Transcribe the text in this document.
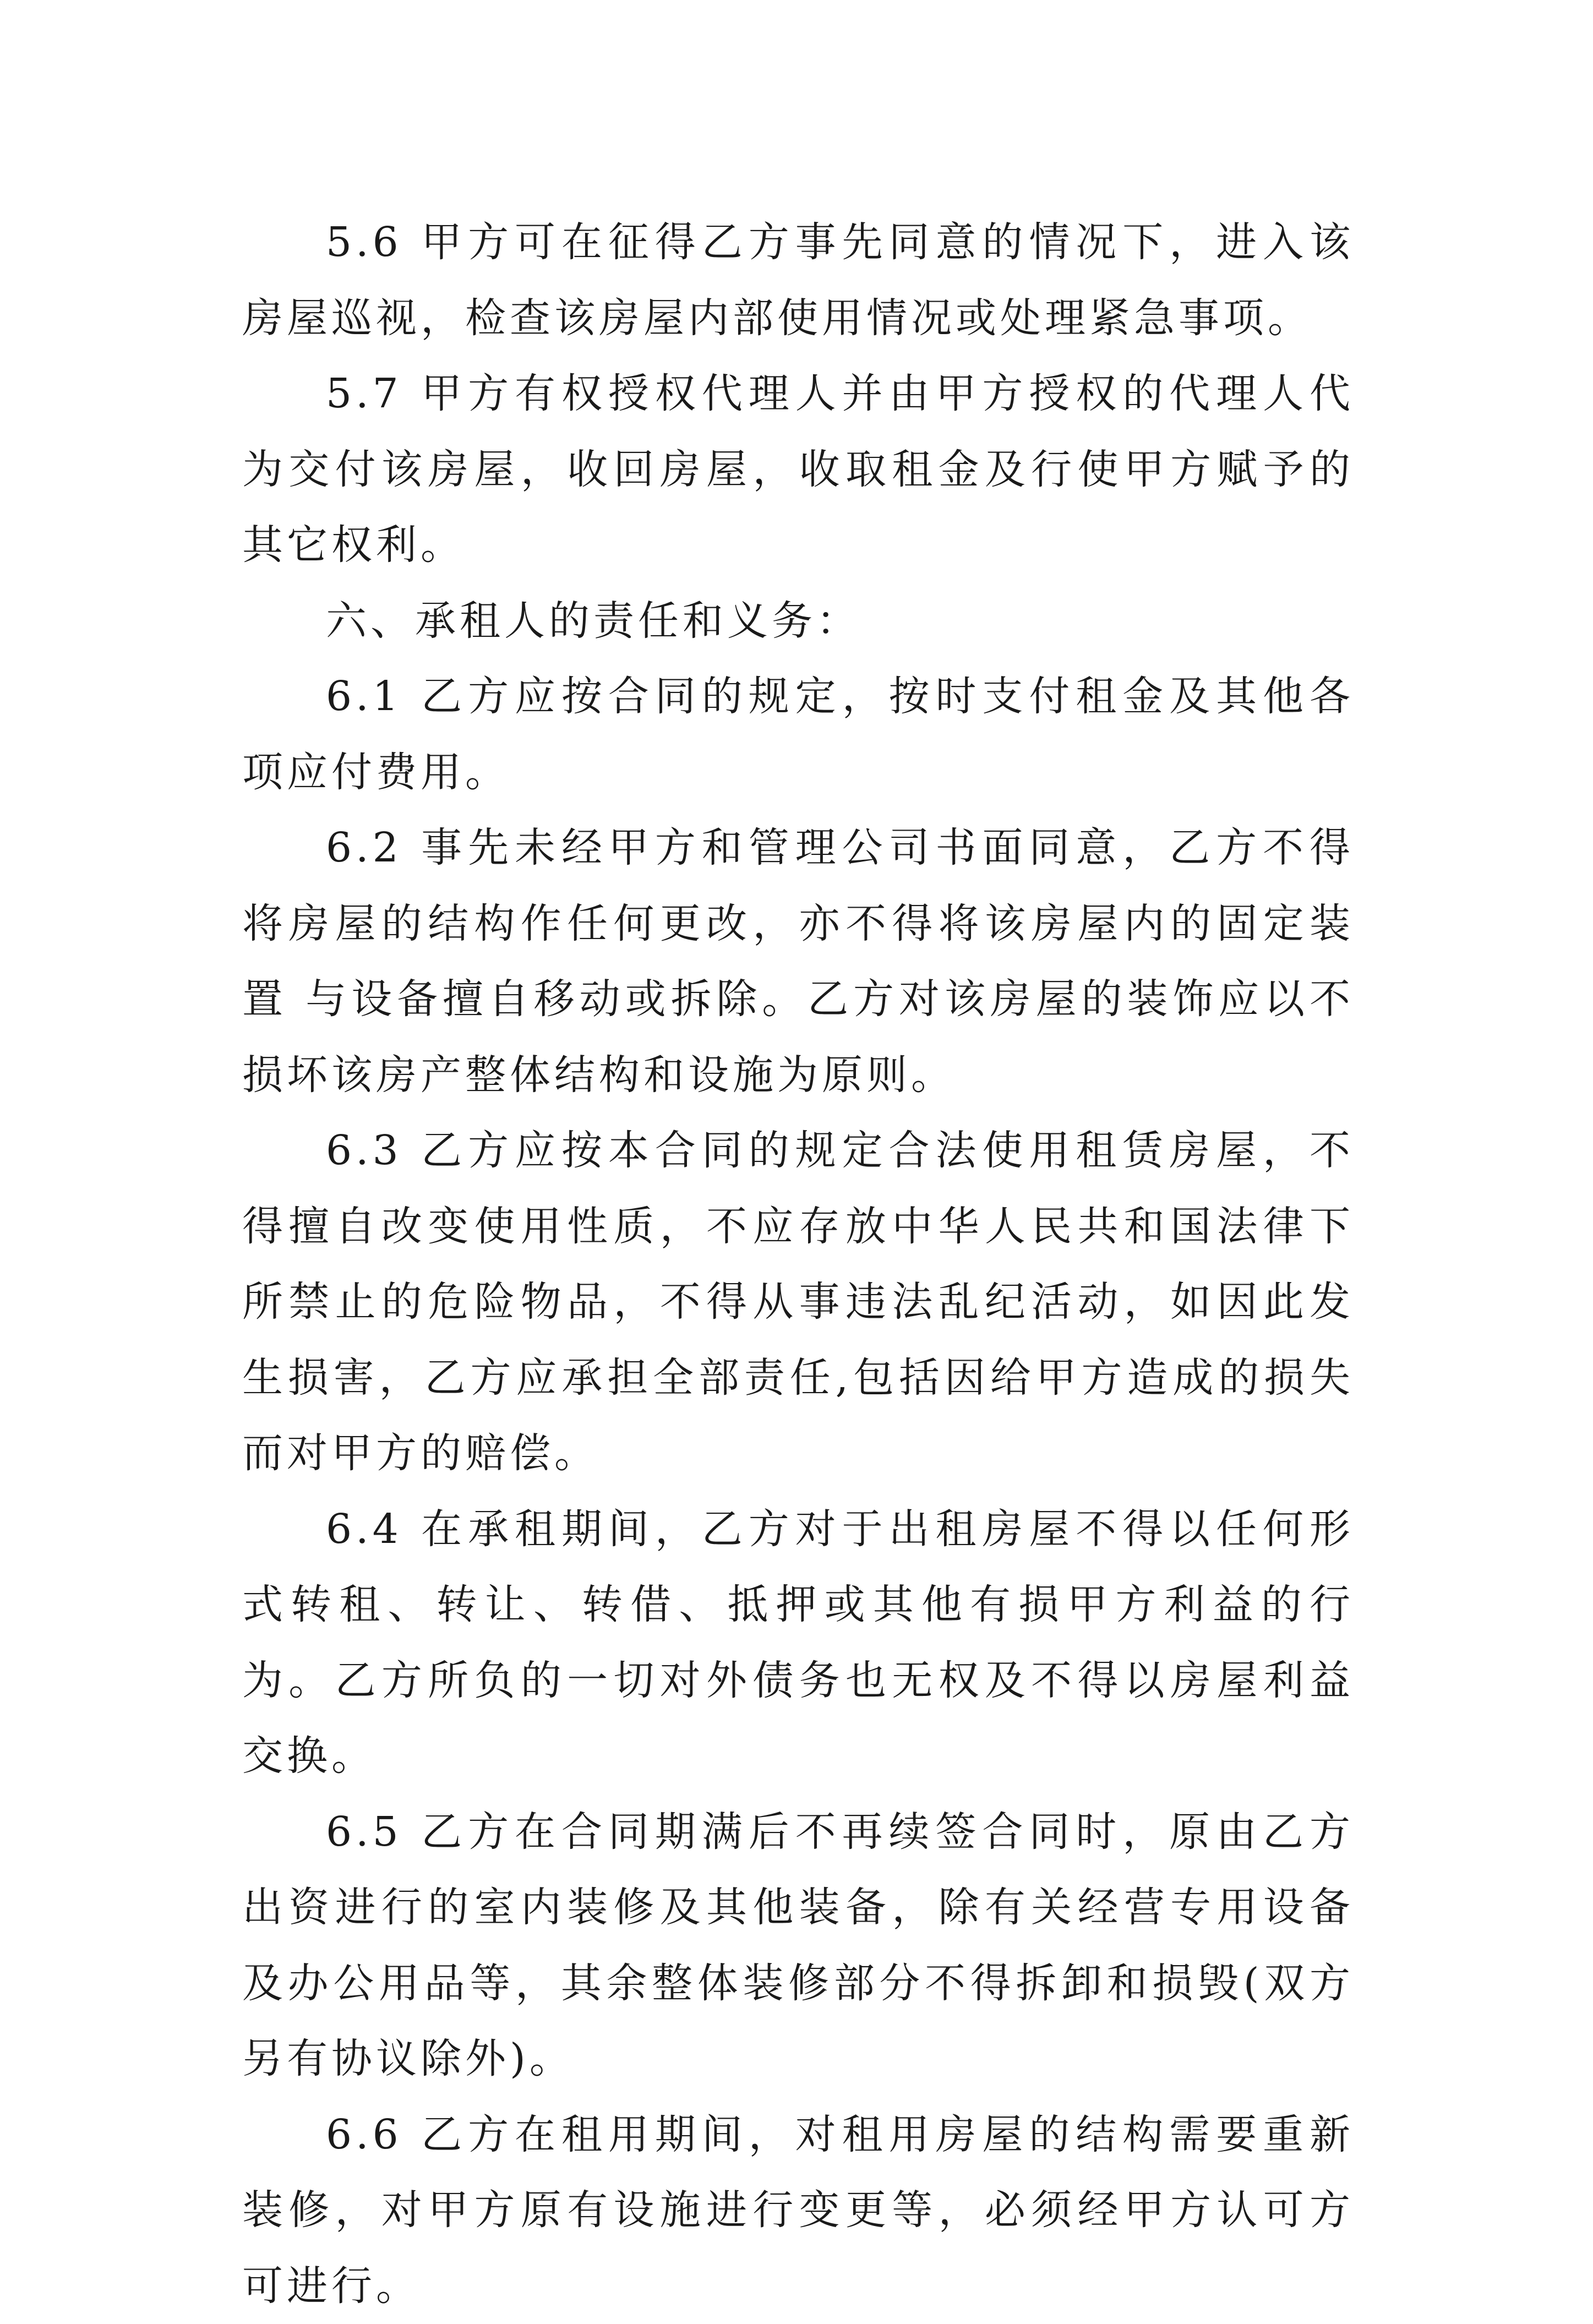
5.6 甲方可在征得乙方事先同意的情况下，进入该房屋巡视，检查该房屋内部使用情况或处理紧急事项。

5.7 甲方有权授权代理人并由甲方授权的代理人代为交付该房屋，收回房屋，收取租金及行使甲方赋予的其它权利。

六、承租人的责任和义务：

6.1 乙方应按合同的规定，按时支付租金及其他各项应付费用。

6.2 事先未经甲方和管理公司书面同意，乙方不得将房屋的结构作任何更改，亦不得将该房屋内的固定装置 与设备擅自移动或拆除。乙方对该房屋的装饰应以不损坏该房产整体结构和设施为原则。

6.3 乙方应按本合同的规定合法使用租赁房屋，不得擅自改变使用性质，不应存放中华人民共和国法律下所禁止的危险物品，不得从事违法乱纪活动，如因此发生损害，乙方应承担全部责任,包括因给甲方造成的损失而对甲方的赔偿。

6.4 在承租期间，乙方对于出租房屋不得以任何形式转租、转让、转借、抵押或其他有损甲方利益的行为。乙方所负的一切对外债务也无权及不得以房屋利益交换。

6.5 乙方在合同期满后不再续签合同时，原由乙方出资进行的室内装修及其他装备，除有关经营专用设备及办公用品等，其余整体装修部分不得拆卸和损毁(双方另有协议除外)。

6.6 乙方在租用期间，对租用房屋的结构需要重新装修，对甲方原有设施进行变更等，必须经甲方认可方可进行。
